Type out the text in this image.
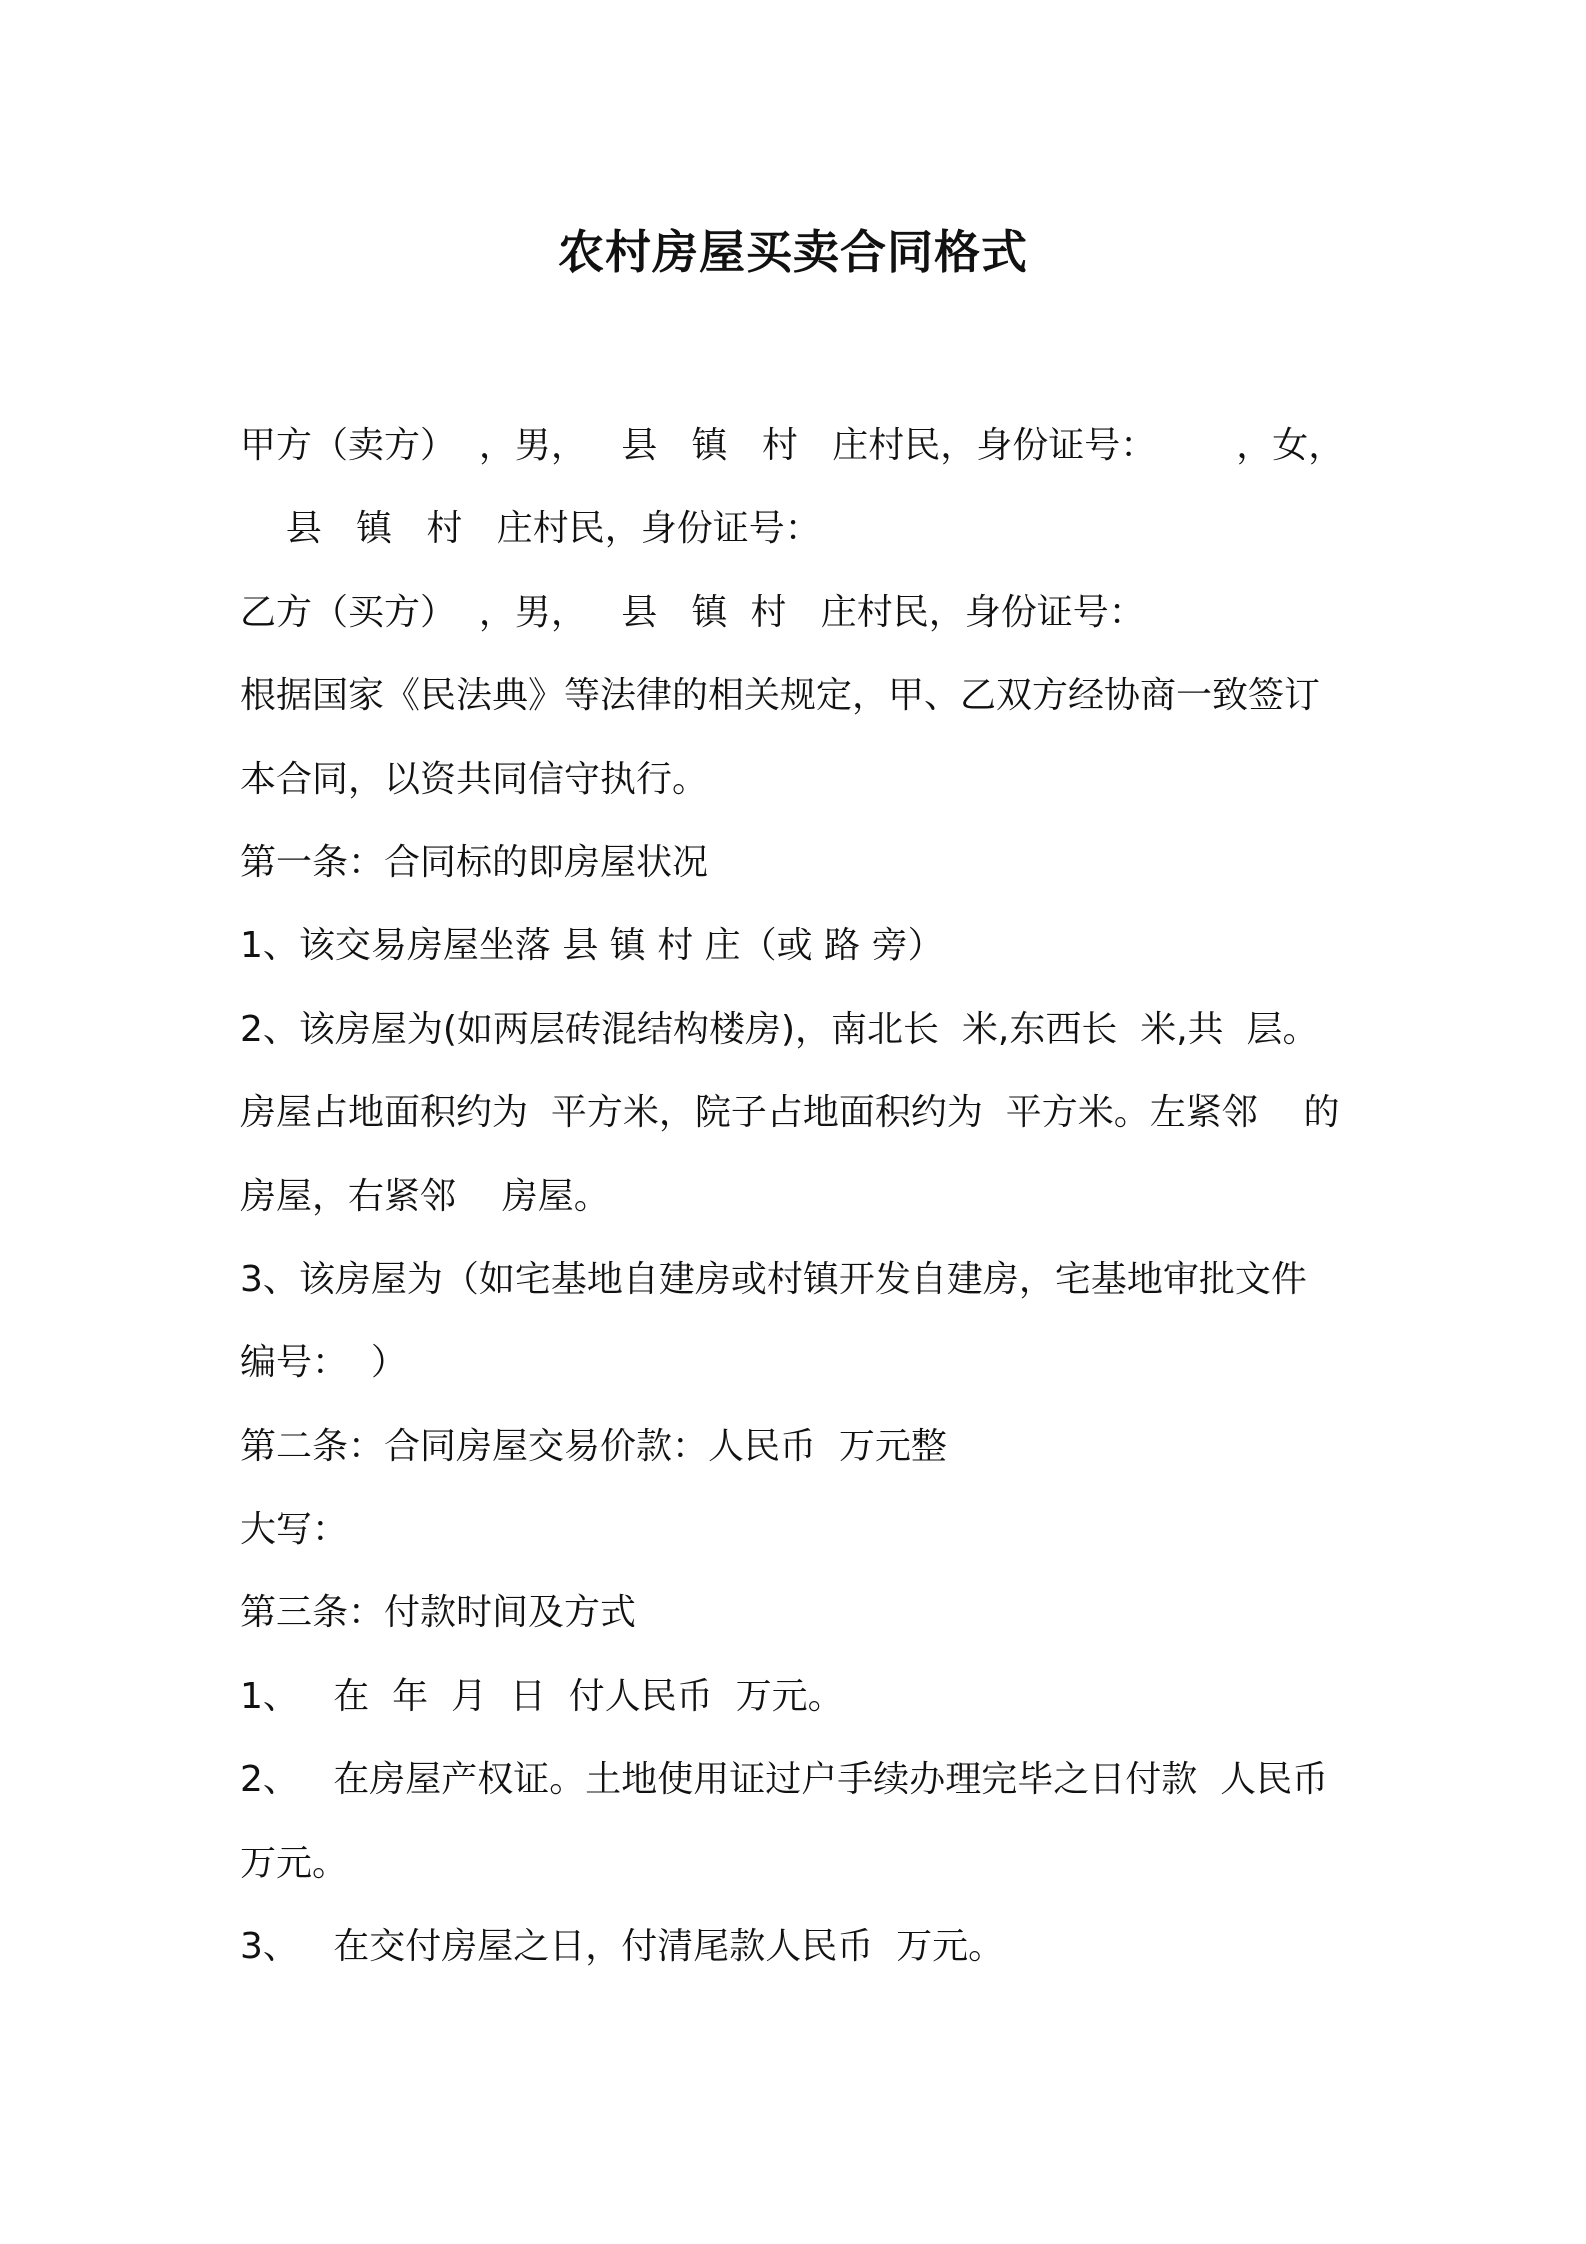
农村房屋买卖合同格式
甲方（卖方）  ，男，   县   镇   村   庄村民，身份证号：       ，女，
县   镇   村   庄村民，身份证号：
乙方（买方）  ，男，   县   镇  村   庄村民，身份证号：
根据国家《民法典》等法律的相关规定，甲、乙双方经协商一致签订
本合同，以资共同信守执行。
第一条：合同标的即房屋状况
1、该交易房屋坐落 县 镇 村 庄（或 路 旁）
2、该房屋为(如两层砖混结构楼房)，南北长  米,东西长  米,共  层。
房屋占地面积约为  平方米，院子占地面积约为  平方米。左紧邻    的
房屋，右紧邻    房屋。
3、该房屋为（如宅基地自建房或村镇开发自建房，宅基地审批文件
编号：  ）
第二条：合同房屋交易价款：人民币  万元整
大写：
第三条：付款时间及方式
1、   在  年  月  日  付人民币  万元。
2、   在房屋产权证。土地使用证过户手续办理完毕之日付款  人民币
万元。
3、   在交付房屋之日，付清尾款人民币  万元。
